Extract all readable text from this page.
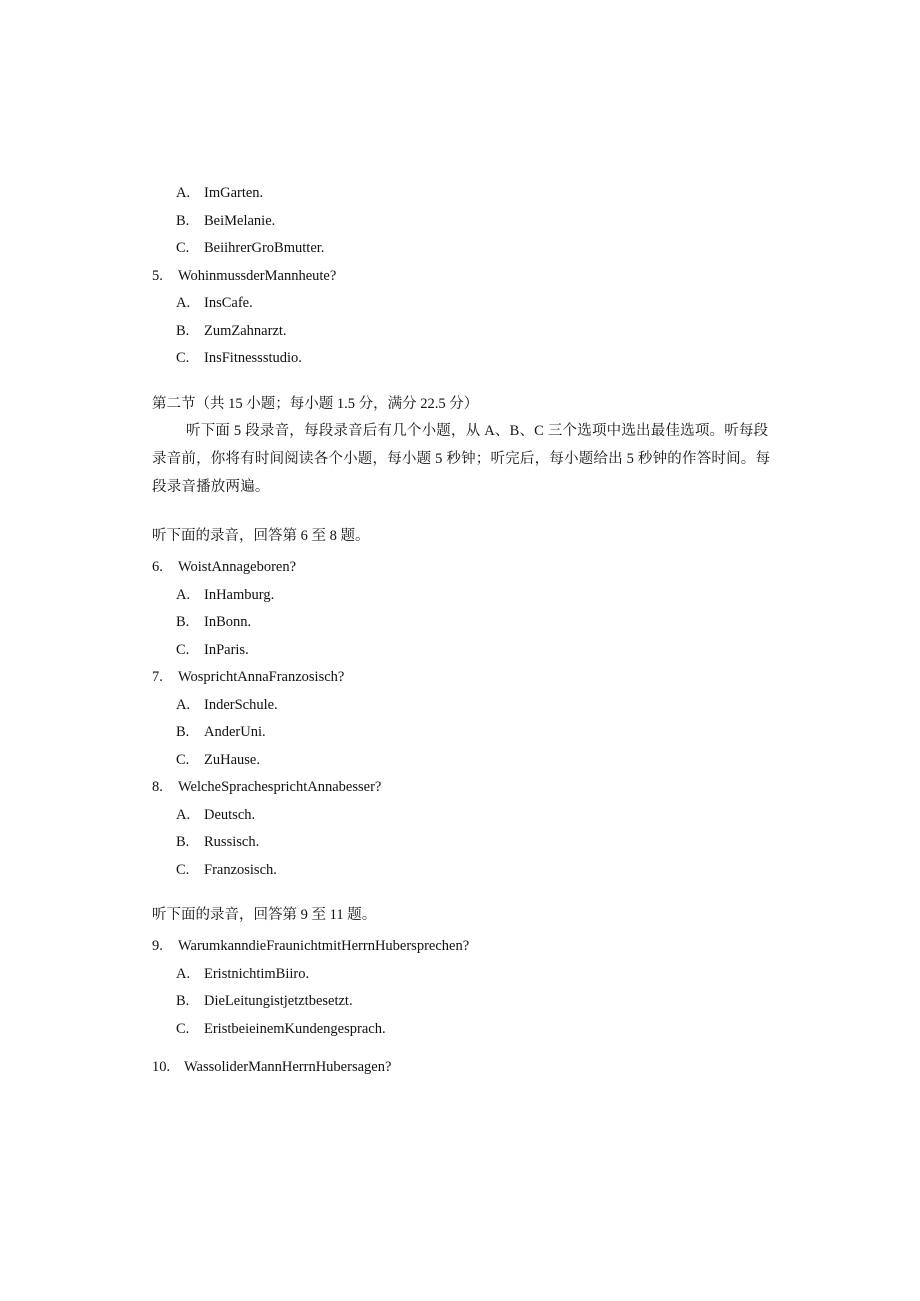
A. ImGarten.
B. BeiMelanie.
C. BeiihrerGroBmutter.
5. WohinmussderMannheute?
A. InsCafe.
B. ZumZahnarzt.
C. InsFitnessstudio.
第二节（共 15 小题；每小题 1.5 分，满分 22.5 分）
听下面 5 段录音，每段录音后有几个小题，从 A、B、C 三个选项中选出最佳选项。听每段录音前，你将有时间阅读各个小题，每小题 5 秒钟；听完后，每小题给出 5 秒钟的作答时间。每段录音播放两遍。
听下面的录音，回答第 6 至 8 题。
6. WoistAnnageboren?
A. InHamburg.
B. InBonn.
C. InParis.
7. WosprichtAnnaFranzosisch?
A. InderSchule.
B. AnderUni.
C. ZuHause.
8. WelcheSprachesprichtAnnabesser?
A. Deutsch.
B. Russisch.
C. Franzosisch.
听下面的录音，回答第 9 至 11 题。
9. WarumkanndieFraunichtmitHerrnHubersprechen?
A. EristnichtimBiiro.
B. DieLeitungistjetztbesetzt.
C. EristbeieinemKundengesprach.
10. WassoliderMannHerrnHubersagen?
